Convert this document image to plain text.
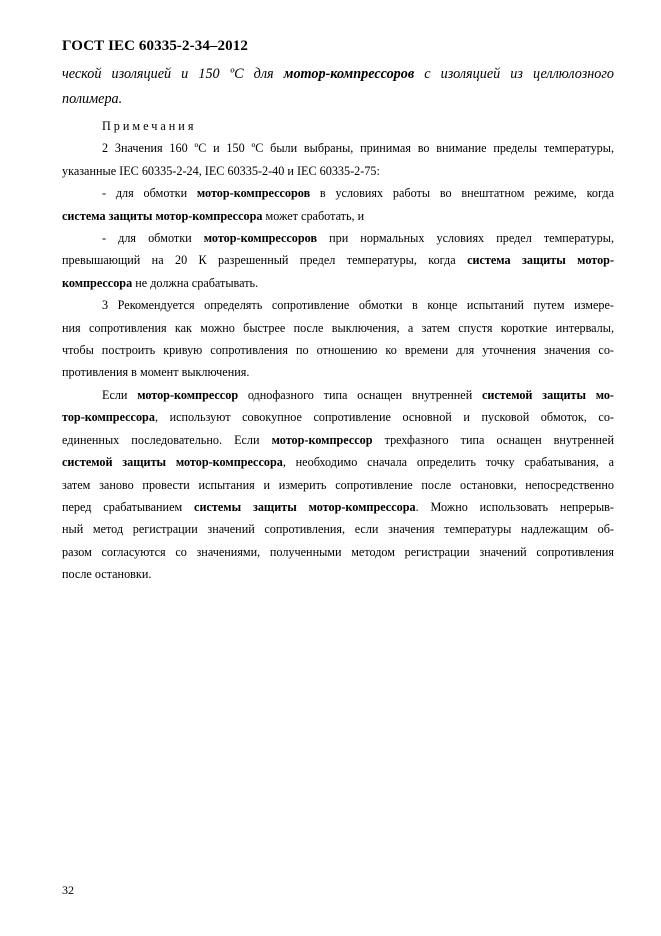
ГОСТ IEC 60335-2-34–2012
ческой изоляцией и 150 ºС для мотор-компрессоров с изоляцией из целлюлозного
полимера.
Примечания
2 Значения 160 ºС и 150 ºС были выбраны, принимая во внимание пределы температуры,
указанные IEC 60335-2-24, IEC 60335-2-40 и IEC 60335-2-75:
- для обмотки мотор-компрессоров в условиях работы во внештатном режиме, когда
система защиты мотор-компрессора может сработать, и
- для обмотки мотор-компрессоров при нормальных условиях предел температуры,
превышающий на 20 К разрешенный предел температуры, когда система защиты мотор-
компрессора не должна срабатывать.
3 Рекомендуется определять сопротивление обмотки в конце испытаний путем измере-
ния сопротивления как можно быстрее после выключения, а затем спустя короткие интервалы,
чтобы построить кривую сопротивления по отношению ко времени для уточнения значения со-
противления в момент выключения.
Если мотор-компрессор однофазного типа оснащен внутренней системой защиты мо-
тор-компрессора, используют совокупное сопротивление основной и пусковой обмоток, со-
единенных последовательно. Если мотор-компрессор трехфазного типа оснащен внутренней
системой защиты мотор-компрессора, необходимо сначала определить точку срабатывания, а
затем заново провести испытания и измерить сопротивление после остановки, непосредственно
перед срабатыванием системы защиты мотор-компрессора. Можно использовать непрерыв-
ный метод регистрации значений сопротивления, если значения температуры надлежащим об-
разом согласуются со значениями, полученными методом регистрации значений сопротивления
после остановки.
32
